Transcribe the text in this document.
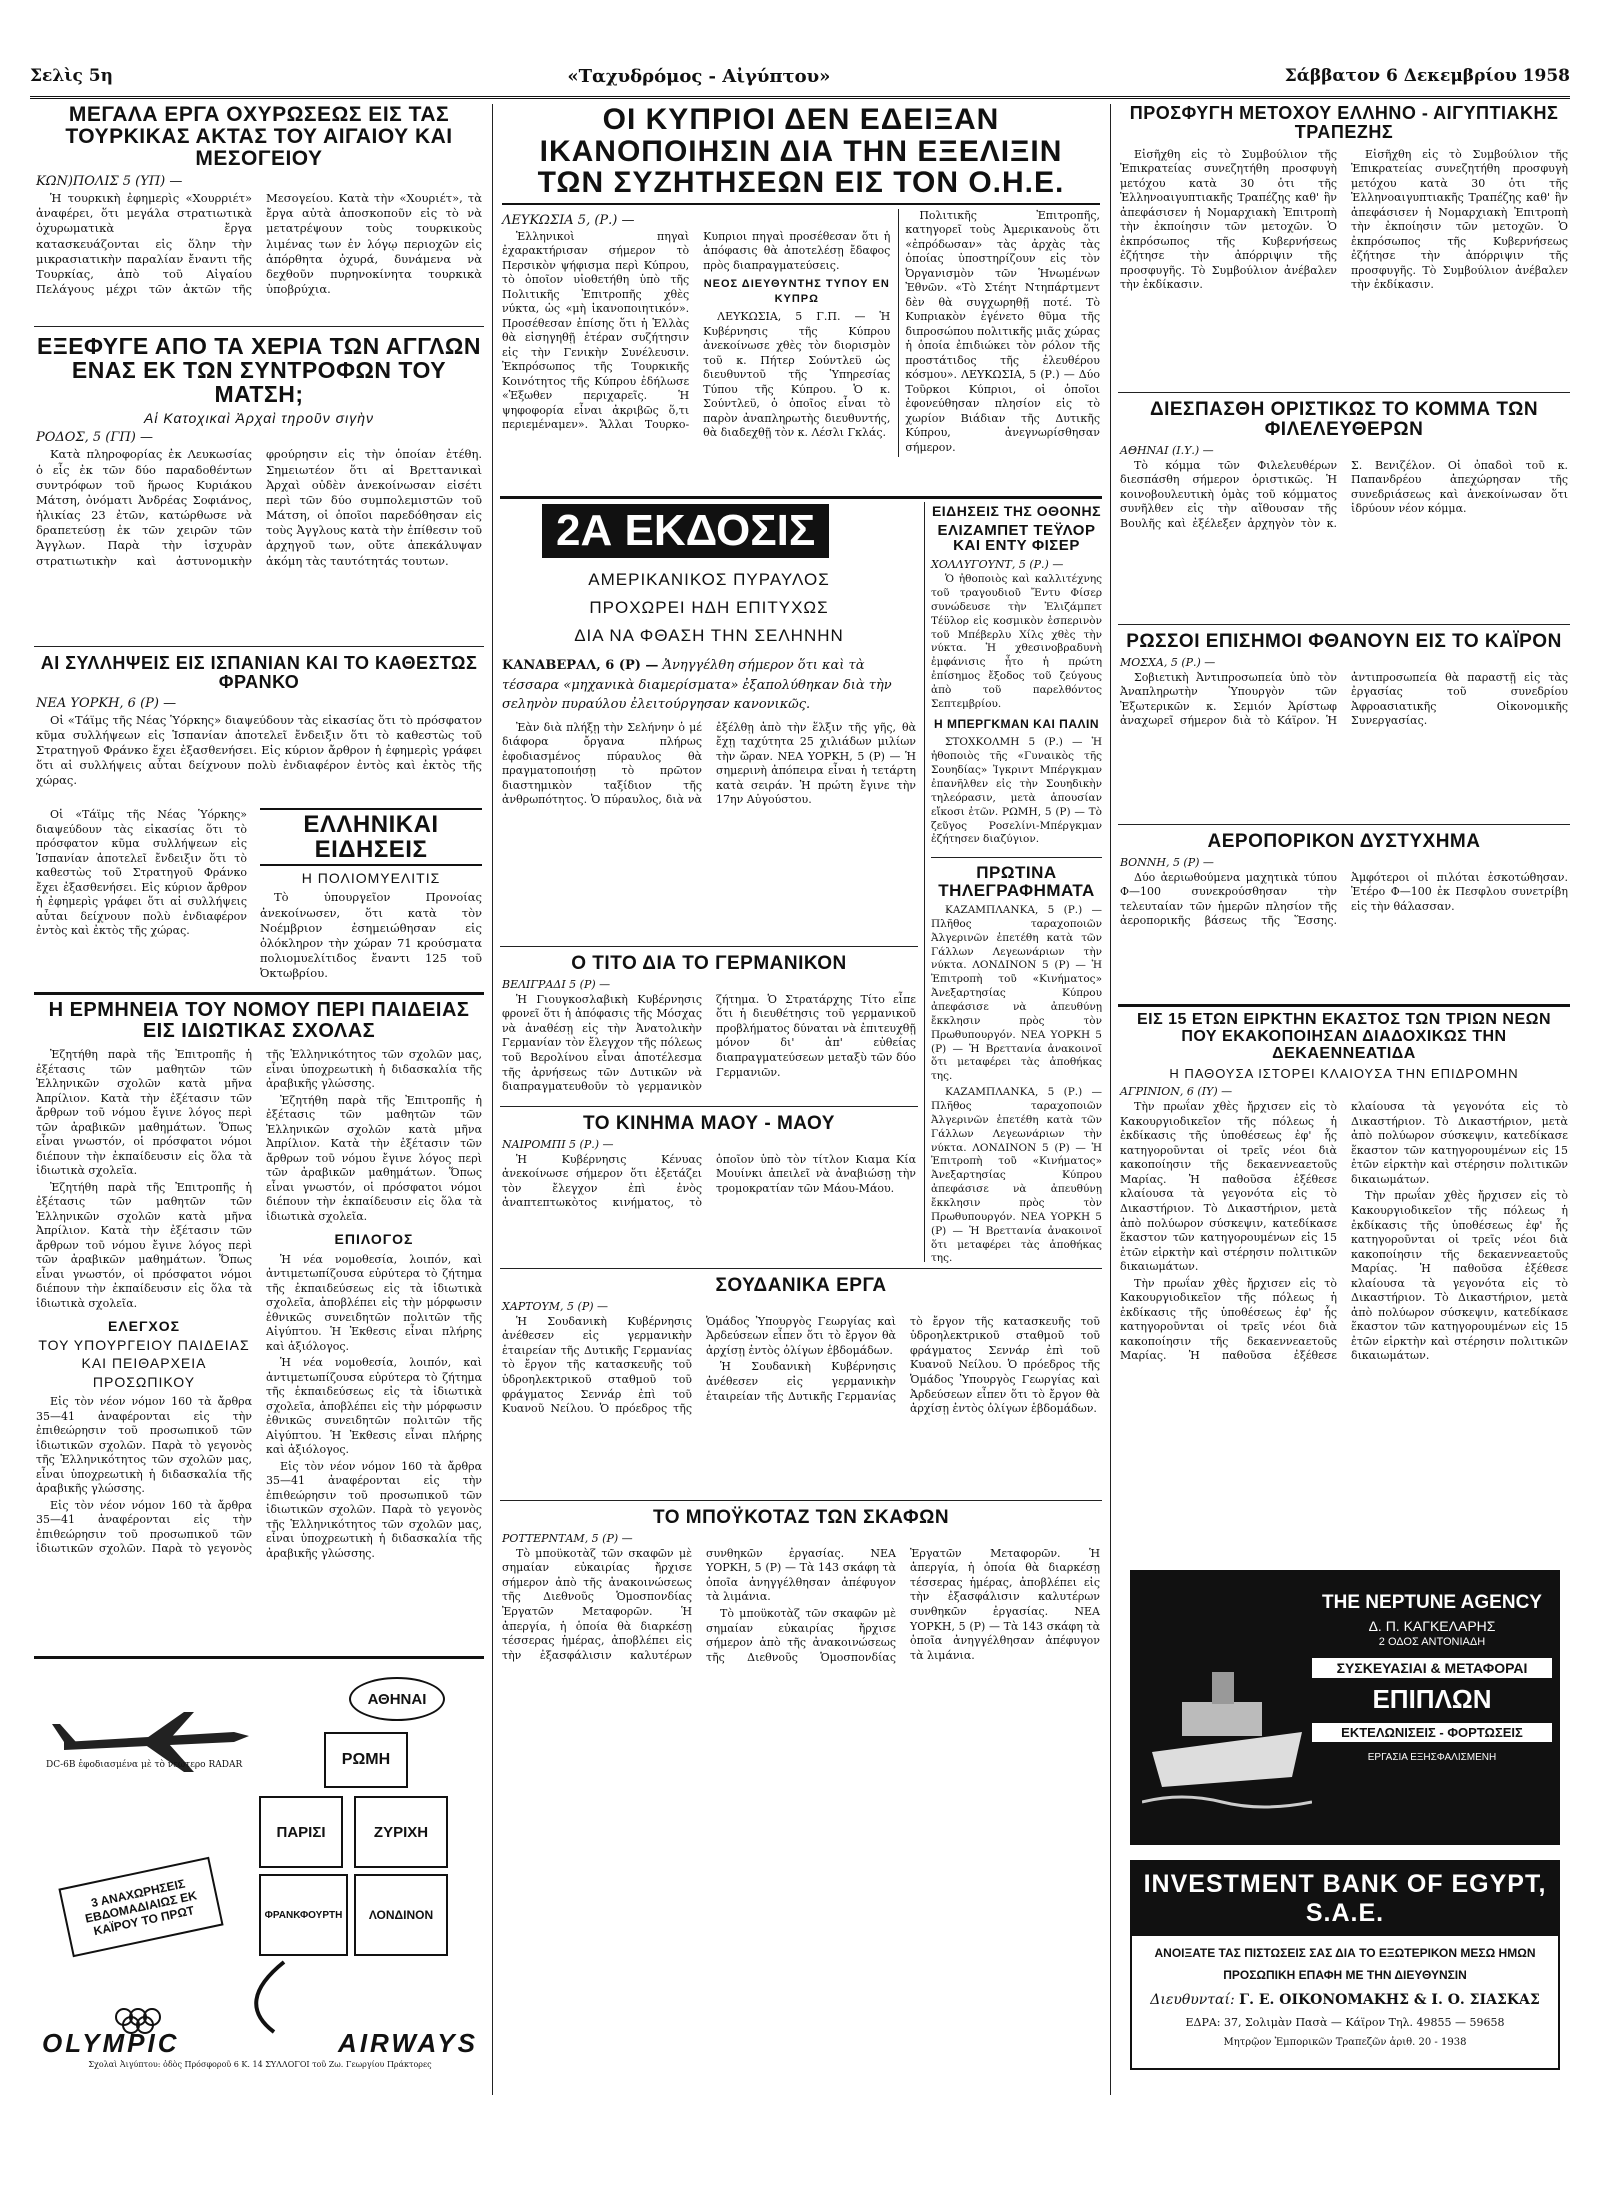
Σελὶς 5η	«Ταχυδρόμος - Αἰγύπτου»	Σάββατον 6 Δεκεμβρίου 1958
ΜΕΓΑΛΑ ΕΡΓΑ ΟΧΥΡΩΣΕΩΣ ΕΙΣ ΤΑΣ ΤΟΥΡΚΙΚΑΣ ΑΚΤΑΣ ΤΟΥ ΑΙΓΑΙΟΥ ΚΑΙ ΜΕΣΟΓΕΙΟΥ
ΚΩΝ)ΠΟΛΙΣ 5 (ΥΠ) —

Ἡ τουρκικὴ ἐφημερὶς «Χουρριέτ» ἀναφέρει, ὅτι μεγάλα στρατιωτικὰ ὀχυρωματικὰ ἔργα κατασκευάζονται εἰς ὅλην τὴν μικρασιατικὴν παραλίαν ἔναντι τῆς Τουρκίας, ἀπὸ τοῦ Αἰγαίου Πελάγους μέχρι τῶν ἀκτῶν τῆς Μεσογείου. Κατὰ τὴν «Χουριέτ», τὰ ἔργα αὐτὰ ἀποσκοποῦν εἰς τὸ νὰ μετατρέψουν τοὺς τουρκικοὺς λιμένας των ἐν λόγῳ περιοχῶν εἰς ἀπόρθητα ὀχυρά, δυνάμενα νὰ δεχθοῦν πυρηνοκίνητα τουρκικὰ ὑποβρύχια.

ΕΞΕΦΥΓΕ ΑΠΟ ΤΑ ΧΕΡΙΑ ΤΩΝ ΑΓΓΛΩΝ ΕΝΑΣ ΕΚ ΤΩΝ ΣΥΝΤΡΟΦΩΝ ΤΟΥ ΜΑΤΣΗ;
Αἱ Κατοχικαὶ Ἀρχαὶ τηροῦν σιγὴν
ΡΟΔΟΣ, 5 (ΓΠ) —

Κατὰ πληροφορίας ἐκ Λευκωσίας ὁ εἷς ἐκ τῶν δύο παραδοθέντων συντρόφων τοῦ ἥρωος Κυριάκου Μάτση, ὀνόματι Ἀνδρέας Σοφιάνος, ἡλικίας 23 ἐτῶν, κατώρθωσε νὰ δραπετεύσῃ ἐκ τῶν χειρῶν τῶν Ἀγγλων. Παρὰ τὴν ἰσχυρὰν στρατιωτικὴν καὶ ἀστυνομικὴν φρούρησιν εἰς τὴν ὁποίαν ἐτέθη. Σημειωτέον ὅτι αἱ Βρεττανικαὶ Ἀρχαὶ οὐδὲν ἀνεκοίνωσαν εἰσέτι περὶ τῶν δύο συμπολεμιστῶν τοῦ Μάτση, οἱ ὁποῖοι παρεδόθησαν εἰς τοὺς Ἀγγλους κατὰ τὴν ἐπίθεσιν τοῦ ἀρχηγοῦ των, οὔτε ἀπεκάλυψαν ἀκόμη τὰς ταυτότητάς τουτων.

ΑΙ ΣΥΛΛΗΨΕΙΣ ΕΙΣ ΙΣΠΑΝΙΑΝ ΚΑΙ ΤΟ ΚΑΘΕΣΤΩΣ ΦΡΑΝΚΟ
ΝΕΑ ΥΟΡΚΗ, 6 (Ρ) —

Οἱ «Τάϊμς τῆς Νέας Ὑόρκης» διαψεύδουν τὰς εἰκασίας ὅτι τὸ πρόσφατον κῦμα συλλήψεων εἰς Ἱσπανίαν ἀποτελεῖ ἔνδειξιν ὅτι τὸ καθεστὼς τοῦ Στρατηγοῦ Φράνκο ἔχει ἐξασθενήσει. Εἰς κύριον ἄρθρον ἡ ἐφημερὶς γράφει ὅτι αἱ συλλήψεις αὗται δείχνουν πολὺ ἐνδιαφέρον ἐντὸς καὶ ἐκτὸς τῆς χώρας.

Οἱ «Τάϊμς τῆς Νέας Ὑόρκης» διαψεύδουν τὰς εἰκασίας ὅτι τὸ πρόσφατον κῦμα συλλήψεων εἰς Ἱσπανίαν ἀποτελεῖ ἔνδειξιν ὅτι τὸ καθεστὼς τοῦ Στρατηγοῦ Φράνκο ἔχει ἐξασθενήσει. Εἰς κύριον ἄρθρον ἡ ἐφημερὶς γράφει ὅτι αἱ συλλήψεις αὗται δείχνουν πολὺ ἐνδιαφέρον ἐντὸς καὶ ἐκτὸς τῆς χώρας.

ΕΛΛΗΝΙΚΑΙ ΕΙΔΗΣΕΙΣ
Η ΠΟΛΙΟΜΥΕΛΙΤΙΣ

Τὸ ὑπουργεῖον Προνοίας ἀνεκοίνωσεν, ὅτι κατὰ τὸν Νοέμβριον ἐσημειώθησαν εἰς ὁλόκληρον τὴν χώραν 71 κρούσματα πολιομυελίτιδος ἔναντι 125 τοῦ Ὀκτωβρίου.

Η ΕΡΜΗΝΕΙΑ ΤΟΥ ΝΟΜΟΥ ΠΕΡΙ ΠΑΙΔΕΙΑΣ ΕΙΣ ΙΔΙΩΤΙΚΑΣ ΣΧΟΛΑΣ

Ἐζητήθη παρὰ τῆς Ἐπιτροπῆς ἡ ἐξέτασις τῶν μαθητῶν τῶν Ἑλληνικῶν σχολῶν κατὰ μῆνα Ἀπρίλιον. Κατὰ τὴν ἐξέτασιν τῶν ἄρθρων τοῦ νόμου ἔγινε λόγος περὶ τῶν ἀραβικῶν μαθημάτων. Ὅπως εἶναι γνωστόν, οἱ πρόσφατοι νόμοι διέπουν τὴν ἐκπαίδευσιν εἰς ὅλα τὰ ἰδιωτικὰ σχολεῖα.

Ἐζητήθη παρὰ τῆς Ἐπιτροπῆς ἡ ἐξέτασις τῶν μαθητῶν τῶν Ἑλληνικῶν σχολῶν κατὰ μῆνα Ἀπρίλιον. Κατὰ τὴν ἐξέτασιν τῶν ἄρθρων τοῦ νόμου ἔγινε λόγος περὶ τῶν ἀραβικῶν μαθημάτων. Ὅπως εἶναι γνωστόν, οἱ πρόσφατοι νόμοι διέπουν τὴν ἐκπαίδευσιν εἰς ὅλα τὰ ἰδιωτικὰ σχολεῖα.

ΕΛΕΓΧΟΣ
ΤΟΥ ΥΠΟΥΡΓΕΙΟΥ ΠΑΙΔΕΙΑΣ ΚΑΙ ΠΕΙΘΑΡΧΕΙΑ ΠΡΟΣΩΠΙΚΟΥ

Εἰς τὸν νέον νόμον 160 τὰ ἄρθρα 35—41 ἀναφέρονται εἰς τὴν ἐπιθεώρησιν τοῦ προσωπικοῦ τῶν ἰδιωτικῶν σχολῶν. Παρὰ τὸ γεγονὸς τῆς Ἑλληνικότητος τῶν σχολῶν μας, εἶναι ὑποχρεωτικὴ ἡ διδασκαλία τῆς ἀραβικῆς γλώσσης.

Εἰς τὸν νέον νόμον 160 τὰ ἄρθρα 35—41 ἀναφέρονται εἰς τὴν ἐπιθεώρησιν τοῦ προσωπικοῦ τῶν ἰδιωτικῶν σχολῶν. Παρὰ τὸ γεγονὸς τῆς Ἑλληνικότητος τῶν σχολῶν μας, εἶναι ὑποχρεωτικὴ ἡ διδασκαλία τῆς ἀραβικῆς γλώσσης.

Ἐζητήθη παρὰ τῆς Ἐπιτροπῆς ἡ ἐξέτασις τῶν μαθητῶν τῶν Ἑλληνικῶν σχολῶν κατὰ μῆνα Ἀπρίλιον. Κατὰ τὴν ἐξέτασιν τῶν ἄρθρων τοῦ νόμου ἔγινε λόγος περὶ τῶν ἀραβικῶν μαθημάτων. Ὅπως εἶναι γνωστόν, οἱ πρόσφατοι νόμοι διέπουν τὴν ἐκπαίδευσιν εἰς ὅλα τὰ ἰδιωτικὰ σχολεῖα.

ΕΠΙΛΟΓΟΣ

Ἡ νέα νομοθεσία, λοιπόν, καὶ ἀντιμετωπίζουσα εὐρύτερα τὸ ζήτημα τῆς ἐκπαιδεύσεως εἰς τὰ ἰδιωτικὰ σχολεῖα, ἀποβλέπει εἰς τὴν μόρφωσιν ἐθνικῶς συνειδητῶν πολιτῶν τῆς Αἰγύπτου. Ἡ Ἐκθεσις εἶναι πλήρης καὶ ἀξιόλογος.

Ἡ νέα νομοθεσία, λοιπόν, καὶ ἀντιμετωπίζουσα εὐρύτερα τὸ ζήτημα τῆς ἐκπαιδεύσεως εἰς τὰ ἰδιωτικὰ σχολεῖα, ἀποβλέπει εἰς τὴν μόρφωσιν ἐθνικῶς συνειδητῶν πολιτῶν τῆς Αἰγύπτου. Ἡ Ἐκθεσις εἶναι πλήρης καὶ ἀξιόλογος.

Εἰς τὸν νέον νόμον 160 τὰ ἄρθρα 35—41 ἀναφέρονται εἰς τὴν ἐπιθεώρησιν τοῦ προσωπικοῦ τῶν ἰδιωτικῶν σχολῶν. Παρὰ τὸ γεγονὸς τῆς Ἑλληνικότητος τῶν σχολῶν μας, εἶναι ὑποχρεωτικὴ ἡ διδασκαλία τῆς ἀραβικῆς γλώσσης.

DC-6B ἐφοδιασμένα μὲ τὸ νεώτερο RADAR
ΑΘΗΝΑΙ
ΡΩΜΗ
ΠΑΡΙΣΙ	ΖΥΡΙΧΗ
ΦΡΑΝΚΦΟΥΡΤΗ	ΛΟΝΔΙΝΟΝ
3 ΑΝΑΧΩΡΗΣΕΙΣ ΕΒΔΟΜΑΔΙΑΙΩΣ ΕΚ ΚΑΪΡΟΥ ΤΟ ΠΡΩΤ
OLYMPIC	AIRWAYS
Σχολαὶ Ἀιγύπτου: ὁδὸς Πρόσφοροῦ 6 Κ. 14 ΣΥΛΛΟΓΟΙ τοῦ Ζω. Γεωργίου Πράκτορες
ΟΙ ΚΥΠΡΙΟΙ ΔΕΝ ΕΔΕΙΞΑΝ ΙΚΑΝΟΠΟΙΗΣΙΝ ΔΙΑ ΤΗΝ ΕΞΕΛΙΞΙΝ ΤΩΝ ΣΥΖΗΤΗΣΕΩΝ ΕΙΣ ΤΟΝ Ο.Η.Ε.
ΛΕΥΚΩΣΙΑ 5, (Ρ.) —

Ἑλληνικοὶ πηγαὶ ἐχαρακτήρισαν σήμερον τὸ Περσικὸν ψήφισμα περὶ Κύπρου, τὸ ὁποῖον υἱοθετήθη ὑπὸ τῆς Πολιτικῆς Ἐπιτροπῆς χθὲς νύκτα, ὡς «μὴ ἱκανοποιητικόν». Προσέθεσαν ἐπίσης ὅτι ἡ Ἑλλὰς θὰ εἰσηγηθῇ ἑτέραν συζήτησιν εἰς τὴν Γενικὴν Συνέλευσιν. Ἐκπρόσωπος τῆς Τουρκικῆς Κοινότητος τῆς Κύπρου ἐδήλωσε «Ἐξωθεν περιχαρεῖς. Ἡ ψηφοφορία εἶναι ἀκριβῶς ὅ,τι περιεμέναμεν». Ἄλλαι Τουρκο-Κυπριοι πηγαὶ προσέθεσαν ὅτι ἡ ἀπόφασις θὰ ἀποτελέσῃ ἔδαφος πρὸς διαπραγματεύσεις.

ΝΕΟΣ ΔΙΕΥΘΥΝΤΗΣ ΤΥΠΟΥ ΕΝ ΚΥΠΡΩ

ΛΕΥΚΩΣΙΑ, 5 Γ.Π. — Ἡ Κυβέρνησις τῆς Κύπρου ἀνεκοίνωσε χθὲς τὸν διορισμὸν τοῦ κ. Πήτερ Σούντλεϋ ὡς διευθυντοῦ τῆς Ὑπηρεσίας Τύπου τῆς Κύπρου. Ὁ κ. Σούντλεϋ, ὁ ὁποῖος εἶναι τὸ παρὸν ἀναπληρωτὴς διευθυντής, θὰ διαδεχθῇ τὸν κ. Λέσλι Γκλάς.

Πολιτικῆς Ἐπιτροπῆς, κατηγορεῖ τοὺς Ἀμερικανοὺς ὅτι «ἐπρόδωσαν» τὰς ἀρχὰς τὰς ὁποίας ὑποστηρίζουν εἰς τὸν Ὀργανισμὸν τῶν Ἡνωμένων Ἐθνῶν. «Τὸ Στέητ Ντηπάρτμεντ δὲν θὰ συγχωρηθῇ ποτέ. Τὸ Κυπριακὸν ἐγένετο θῦμα τῆς διπροσώπου πολιτικῆς μιᾶς χώρας ἡ ὁποία ἐπιδιώκει τὸν ρόλον τῆς προστάτιδος τῆς ἐλευθέρου κόσμου». ΛΕΥΚΩΣΙΑ, 5 (Ρ.) — Δύο Τοῦρκοι Κύπριοι, οἱ ὁποῖοι ἐφονεύθησαν πλησίον εἰς τὸ χωρίον Βιάδιαν τῆς Δυτικῆς Κύπρου, ἀνεγνωρίσθησαν σήμερον.

2Α ΕΚΔΟΣΙΣ
ΑΜΕΡΙΚΑΝΙΚΟΣ ΠΥΡΑΥΛΟΣ
ΠΡΟΧΩΡΕΙ ΗΔΗ ΕΠΙΤΥΧΩΣ
ΔΙΑ ΝΑ ΦΘΑΣΗ ΤΗΝ ΣΕΛΗΝΗΝ
ΚΑΝΑΒΕΡΑΛ, 6 (Ρ) — Ἀνηγγέλθη σήμερον ὅτι καὶ τὰ τέσσαρα «μηχανικὰ διαμερίσματα» ἐξαπολύθηκαν διὰ τὴν σεληνὸν πυραύλου ἐλειτούργησαν κανονικῶς.

Ἐὰν διὰ πλήξῃ τὴν Σελήνην ὁ μέ διάφορα ὄργανα πλήρως ἐφοδιασμένος πύραυλος θὰ πραγματοποιήσῃ τὸ πρῶτον διαστημικὸν ταξίδιον τῆς ἀνθρωπότητος. Ὁ πύραυλος, διὰ νὰ ἐξέλθῃ ἀπὸ τὴν ἕλξιν τῆς γῆς, θὰ ἔχῃ ταχύτητα 25 χιλιάδων μιλίων τὴν ὥραν. ΝΕΑ ΥΟΡΚΗ, 5 (Ρ) — Ἡ σημερινὴ ἀπόπειρα εἶναι ἡ τετάρτη κατὰ σειράν. Ἡ πρώτη ἔγινε τὴν 17ην Αὐγούστου.

ΕΙΔΗΣΕΙΣ ΤΗΣ ΟΘΟΝΗΣ
ΕΛΙΖΑΜΠΕΤ ΤΕΫΛΟΡ ΚΑΙ ΕΝΤΥ ΦΙΣΕΡ
ΧΟΛΛΥΓΟΥΝΤ, 5 (Ρ.) —

Ὁ ἠθοποιὸς καὶ καλλιτέχνης τοῦ τραγουδιοῦ Ἔντυ Φίσερ συνώδευσε τὴν Ἐλιζάμπετ Τέϋλορ εἰς κοσμικὸν ἑσπερινὸν τοῦ Μπέβερλυ Χίλς χθὲς τὴν νύκτα. Ἡ χθεσινοβραδυνὴ ἐμφάνισις ἦτο ἡ πρώτη ἐπίσημος ἔξοδος τοῦ ζεύγους ἀπὸ τοῦ παρελθόντος Σεπτεμβρίου.

Η ΜΠΕΡΓΚΜΑΝ ΚΑΙ ΠΑΛΙΝ

ΣΤΟΧΚΟΛΜΗ 5 (Ρ.) — Ἡ ἠθοποιὸς τῆς «Γυναικὸς τῆς Σουηδίας» Ἰγκριντ Μπέργκμαν ἐπανῆλθεν εἰς τὴν Σουηδικὴν τηλεόρασιν, μετὰ ἀπουσίαν εἴκοσι ἐτῶν. ΡΩΜΗ, 5 (Ρ) — Τὸ ζεῦγος Ροσελίνι-Μπέργκμαν ἐζήτησεν διαζύγιον.

ΠΡΩΤΙΝΑ ΤΗΛΕΓΡΑΦΗΜΑΤΑ

ΚΑΖΑΜΠΛΑΝΚΑ, 5 (Ρ.) — Πλῆθος ταραχοποιῶν Ἀλγερινῶν ἐπετέθη κατὰ τῶν Γάλλων Λεγεωνάριων τὴν νύκτα. ΛΟΝΔΙΝΟΝ 5 (Ρ) — Ἡ Ἐπιτροπὴ τοῦ «Κινήματος» Ἀνεξαρτησίας Κύπρου ἀπεφάσισε νὰ ἀπευθύνῃ ἔκκλησιν πρὸς τὸν Πρωθυπουργόν. ΝΕΑ ΥΟΡΚΗ 5 (Ρ) — Ἡ Βρεττανία ἀνακοινοῖ ὅτι μεταφέρει τὰς ἀποθήκας της.

ΚΑΖΑΜΠΛΑΝΚΑ, 5 (Ρ.) — Πλῆθος ταραχοποιῶν Ἀλγερινῶν ἐπετέθη κατὰ τῶν Γάλλων Λεγεωνάριων τὴν νύκτα. ΛΟΝΔΙΝΟΝ 5 (Ρ) — Ἡ Ἐπιτροπὴ τοῦ «Κινήματος» Ἀνεξαρτησίας Κύπρου ἀπεφάσισε νὰ ἀπευθύνῃ ἔκκλησιν πρὸς τὸν Πρωθυπουργόν. ΝΕΑ ΥΟΡΚΗ 5 (Ρ) — Ἡ Βρεττανία ἀνακοινοῖ ὅτι μεταφέρει τὰς ἀποθήκας της.

Ο ΤΙΤΟ ΔΙΑ ΤΟ ΓΕΡΜΑΝΙΚΟΝ
ΒΕΛΙΓΡΑΔΙ 5 (Ρ) —

Ἡ Γιουγκοσλαβικὴ Κυβέρνησις φρονεῖ ὅτι ἡ ἀπόφασις τῆς Μόσχας νὰ ἀναθέσῃ εἰς τὴν Ἀνατολικὴν Γερμανίαν τὸν ἔλεγχον τῆς πόλεως τοῦ Βερολίνου εἶναι ἀποτέλεσμα τῆς ἀρνήσεως τῶν Δυτικῶν νὰ διαπραγματευθοῦν τὸ γερμανικὸν ζήτημα. Ὁ Στρατάρχης Τίτο εἶπε ὅτι ἡ διευθέτησις τοῦ γερμανικοῦ προβλήματος δύναται νὰ ἐπιτευχθῇ μόνον δι' ἀπ' εὐθείας διαπραγματεύσεων μεταξὺ τῶν δύο Γερμανιῶν.

ΤΟ ΚΙΝΗΜΑ ΜΑΟΥ - ΜΑΟΥ
ΝΑΙΡΟΜΠΙ 5 (Ρ.) —

Ἡ Κυβέρνησις Κένυας ἀνεκοίνωσε σήμερον ὅτι ἐξετάζει τὸν ἔλεγχον ἐπὶ ἐνὸς ἀναπτεπτωκὸτος κινήματος, τὸ ὁποῖον ὑπὸ τὸν τίτλον Κιαμα Κία Μουίνκι ἀπειλεῖ νὰ ἀναβιώσῃ τὴν τρομοκρατίαν τῶν Μάου-Μάου.

ΣΟΥΔΑΝΙΚΑ ΕΡΓΑ
ΧΑΡΤΟΥΜ, 5 (Ρ) —

Ἡ Σουδανικὴ Κυβέρνησις ἀνέθεσεν εἰς γερμανικὴν ἑταιρείαν τῆς Δυτικῆς Γερμανίας τὸ ἔργον τῆς κατασκευῆς τοῦ ὑδροηλεκτρικοῦ σταθμοῦ τοῦ φράγματος Σεννάρ ἐπὶ τοῦ Κυανοῦ Νείλου. Ὁ πρόεδρος τῆς Ὁμάδος Ὑπουργὸς Γεωργίας καὶ Ἀρδεύσεων εἶπεν ὅτι τὸ ἔργον θὰ ἀρχίσῃ ἐντὸς ὀλίγων ἑβδομάδων.

Ἡ Σουδανικὴ Κυβέρνησις ἀνέθεσεν εἰς γερμανικὴν ἑταιρείαν τῆς Δυτικῆς Γερμανίας τὸ ἔργον τῆς κατασκευῆς τοῦ ὑδροηλεκτρικοῦ σταθμοῦ τοῦ φράγματος Σεννάρ ἐπὶ τοῦ Κυανοῦ Νείλου. Ὁ πρόεδρος τῆς Ὁμάδος Ὑπουργὸς Γεωργίας καὶ Ἀρδεύσεων εἶπεν ὅτι τὸ ἔργον θὰ ἀρχίσῃ ἐντὸς ὀλίγων ἑβδομάδων.

ΤΟ ΜΠΟΫΚΟΤΑΖ ΤΩΝ ΣΚΑΦΩΝ
ΡΟΤΤΕΡΝΤΑΜ, 5 (Ρ) —

Τὸ μποϋκοτὰζ τῶν σκαφῶν μὲ σημαίαν εὐκαιρίας ἤρχισε σήμερον ἀπὸ τῆς ἀνακοινώσεως τῆς Διεθνοῦς Ὁμοσπονδίας Ἐργατῶν Μεταφορῶν. Ἡ ἀπεργία, ἡ ὁποία θὰ διαρκέσῃ τέσσερας ἡμέρας, ἀποβλέπει εἰς τὴν ἐξασφάλισιν καλυτέρων συνθηκῶν ἐργασίας. ΝΕΑ ΥΟΡΚΗ, 5 (Ρ) — Τὰ 143 σκάφη τὰ ὁποῖα ἀνηγγέλθησαν ἀπέφυγον τὰ λιμάνια.

Τὸ μποϋκοτὰζ τῶν σκαφῶν μὲ σημαίαν εὐκαιρίας ἤρχισε σήμερον ἀπὸ τῆς ἀνακοινώσεως τῆς Διεθνοῦς Ὁμοσπονδίας Ἐργατῶν Μεταφορῶν. Ἡ ἀπεργία, ἡ ὁποία θὰ διαρκέσῃ τέσσερας ἡμέρας, ἀποβλέπει εἰς τὴν ἐξασφάλισιν καλυτέρων συνθηκῶν ἐργασίας. ΝΕΑ ΥΟΡΚΗ, 5 (Ρ) — Τὰ 143 σκάφη τὰ ὁποῖα ἀνηγγέλθησαν ἀπέφυγον τὰ λιμάνια.

ΠΡΟΣΦΥΓΗ ΜΕΤΟΧΟΥ ΕΛΛΗΝΟ - ΑΙΓΥΠΤΙΑΚΗΣ ΤΡΑΠΕΖΗΣ

Εἰσῆχθη εἰς τὸ Συμβούλιον τῆς Ἐπικρατείας συνεζητήθη προσφυγὴ μετόχου κατὰ 30 ὁτι τῆς Ἑλληνοαιγυπτιακῆς Τραπέζης καθ' ἣν ἀπεφάσισεν ἡ Νομαρχιακὴ Ἐπιτροπὴ τὴν ἐκποίησιν τῶν μετοχῶν. Ὁ ἐκπρόσωπος τῆς Κυβερνήσεως ἐζήτησε τὴν ἀπόρριψιν τῆς προσφυγῆς. Τὸ Συμβούλιον ἀνέβαλεν τὴν ἐκδίκασιν.

Εἰσῆχθη εἰς τὸ Συμβούλιον τῆς Ἐπικρατείας συνεζητήθη προσφυγὴ μετόχου κατὰ 30 ὁτι τῆς Ἑλληνοαιγυπτιακῆς Τραπέζης καθ' ἣν ἀπεφάσισεν ἡ Νομαρχιακὴ Ἐπιτροπὴ τὴν ἐκποίησιν τῶν μετοχῶν. Ὁ ἐκπρόσωπος τῆς Κυβερνήσεως ἐζήτησε τὴν ἀπόρριψιν τῆς προσφυγῆς. Τὸ Συμβούλιον ἀνέβαλεν τὴν ἐκδίκασιν.

ΔΙΕΣΠΑΣΘΗ ΟΡΙΣΤΙΚΩΣ ΤΟ ΚΟΜΜΑ ΤΩΝ ΦΙΛΕΛΕΥΘΕΡΩΝ
ΑΘΗΝΑΙ (Ι.Υ.) —

Τὸ κόμμα τῶν Φιλελευθέρων διεσπάσθη σήμερον ὁριστικῶς. Ἡ κοινοβουλευτικὴ ὁμὰς τοῦ κόμματος συνῆλθεν εἰς τὴν αἴθουσαν τῆς Βουλῆς καὶ ἐξέλεξεν ἀρχηγὸν τὸν κ. Σ. Βενιζέλον. Οἱ ὀπαδοὶ τοῦ κ. Παπανδρέου ἀπεχώρησαν τῆς συνεδριάσεως καὶ ἀνεκοίνωσαν ὅτι ἰδρύουν νέον κόμμα.

ΡΩΣΣΟΙ ΕΠΙΣΗΜΟΙ ΦΘΑΝΟΥΝ ΕΙΣ ΤΟ ΚΑΪΡΟΝ
ΜΟΣΧΑ, 5 (Ρ.) —

Σοβιετικὴ Ἀντιπροσωπεία ὑπὸ τὸν Ἀναπληρωτὴν Ὑπουργὸν τῶν Ἐξωτερικῶν κ. Σεμιόν Ἀρίστωφ ἀναχωρεῖ σήμερον διὰ τὸ Κάϊρον. Ἡ ἀντιπροσωπεία θὰ παραστῇ εἰς τὰς ἐργασίας τοῦ συνεδρίου Ἀφροασιατικῆς Οἰκονομικῆς Συνεργασίας.

ΑΕΡΟΠΟΡΙΚΟΝ ΔΥΣΤΥΧΗΜΑ
ΒΟΝΝΗ, 5 (Ρ) —

Δύο ἀεριωθούμενα μαχητικὰ τύπου Φ—100 συνεκρούσθησαν τὴν τελευταίαν τῶν ἡμερῶν πλησίον τῆς ἀεροπορικῆς βάσεως τῆς Ἕσσης. Ἀμφότεροι οἱ πιλόται ἐσκοτώθησαν. Ἐτέρο Φ—100 ἐκ Πεσφλου συνετρίβη εἰς τὴν θάλασσαν.

ΕΙΣ 15 ΕΤΩΝ ΕΙΡΚΤΗΝ ΕΚΑΣΤΟΣ ΤΩΝ ΤΡΙΩΝ ΝΕΩΝ ΠΟΥ ΕΚΑΚΟΠΟΙΗΣΑΝ ΔΙΑΔΟΧΙΚΩΣ ΤΗΝ ΔΕΚΑΕΝΝΕΑΤΙΔΑ
Η ΠΑΘΟΥΣΑ ΙΣΤΟΡΕΙ ΚΛΑΙΟΥΣΑ ΤΗΝ ΕΠΙΔΡΟΜΗΝ
ΑΓΡΙΝΙΟΝ, 6 (ΙΥ) —

Τὴν πρωΐαν χθὲς ἤρχισεν εἰς τὸ Κακουργιοδικεῖον τῆς πόλεως ἡ ἐκδίκασις τῆς ὑποθέσεως ἐφ' ἧς κατηγοροῦνται οἱ τρεῖς νέοι διὰ κακοποίησιν τῆς δεκαεννεαετοῦς Μαρίας. Ἡ παθοῦσα ἐξέθεσε κλαίουσα τὰ γεγονότα εἰς τὸ Δικαστήριον. Τὸ Δικαστήριον, μετὰ ἀπὸ πολύωρον σύσκεψιν, κατεδίκασε ἕκαστον τῶν κατηγορουμένων εἰς 15 ἐτῶν εἱρκτὴν καὶ στέρησιν πολιτικῶν δικαιωμάτων.

Τὴν πρωΐαν χθὲς ἤρχισεν εἰς τὸ Κακουργιοδικεῖον τῆς πόλεως ἡ ἐκδίκασις τῆς ὑποθέσεως ἐφ' ἧς κατηγοροῦνται οἱ τρεῖς νέοι διὰ κακοποίησιν τῆς δεκαεννεαετοῦς Μαρίας. Ἡ παθοῦσα ἐξέθεσε κλαίουσα τὰ γεγονότα εἰς τὸ Δικαστήριον. Τὸ Δικαστήριον, μετὰ ἀπὸ πολύωρον σύσκεψιν, κατεδίκασε ἕκαστον τῶν κατηγορουμένων εἰς 15 ἐτῶν εἱρκτὴν καὶ στέρησιν πολιτικῶν δικαιωμάτων.

Τὴν πρωΐαν χθὲς ἤρχισεν εἰς τὸ Κακουργιοδικεῖον τῆς πόλεως ἡ ἐκδίκασις τῆς ὑποθέσεως ἐφ' ἧς κατηγοροῦνται οἱ τρεῖς νέοι διὰ κακοποίησιν τῆς δεκαεννεαετοῦς Μαρίας. Ἡ παθοῦσα ἐξέθεσε κλαίουσα τὰ γεγονότα εἰς τὸ Δικαστήριον. Τὸ Δικαστήριον, μετὰ ἀπὸ πολύωρον σύσκεψιν, κατεδίκασε ἕκαστον τῶν κατηγορουμένων εἰς 15 ἐτῶν εἱρκτὴν καὶ στέρησιν πολιτικῶν δικαιωμάτων.

THE NEPTUNE AGENCY
Δ. Π. ΚΑΓΚΕΛΑΡΗΣ
2 ΟΔΟΣ ΑΝΤΟΝΙΑΔΗ
ΣΥΣΚΕΥΑΣΙΑΙ & ΜΕΤΑΦΟΡΑΙ
ΕΠΙΠΛΩΝ
ΕΚΤΕΛΩΝΙΣΕΙΣ - ΦΟΡΤΩΣΕΙΣ
ΕΡΓΑΣΙΑ ΕΞΗΣΦΑΛΙΣΜΕΝΗ
INVESTMENT BANK OF EGYPT, S.A.E.
ΑΝΟΙΞΑΤΕ ΤΑΣ ΠΙΣΤΩΣΕΙΣ ΣΑΣ ΔΙΑ ΤΟ ΕΞΩΤΕΡΙΚΟΝ ΜΕΣΩ ΗΜΩΝ
ΠΡΟΣΩΠΙΚΗ ΕΠΑΦΗ ΜΕ ΤΗΝ ΔΙΕΥΘΥΝΣΙΝ
Διευθυνταί: Γ. Ε. ΟΙΚΟΝΟΜΑΚΗΣ & Ι. Ο. ΣΙΑΣΚΑΣ
ΕΔΡΑ: 37, Σολιμὰν Πασὰ — Κάϊρον Τηλ. 49855 — 59658
Μητρῷον Ἐμπορικῶν Τραπεζῶν ἀριθ. 20 - 1938
